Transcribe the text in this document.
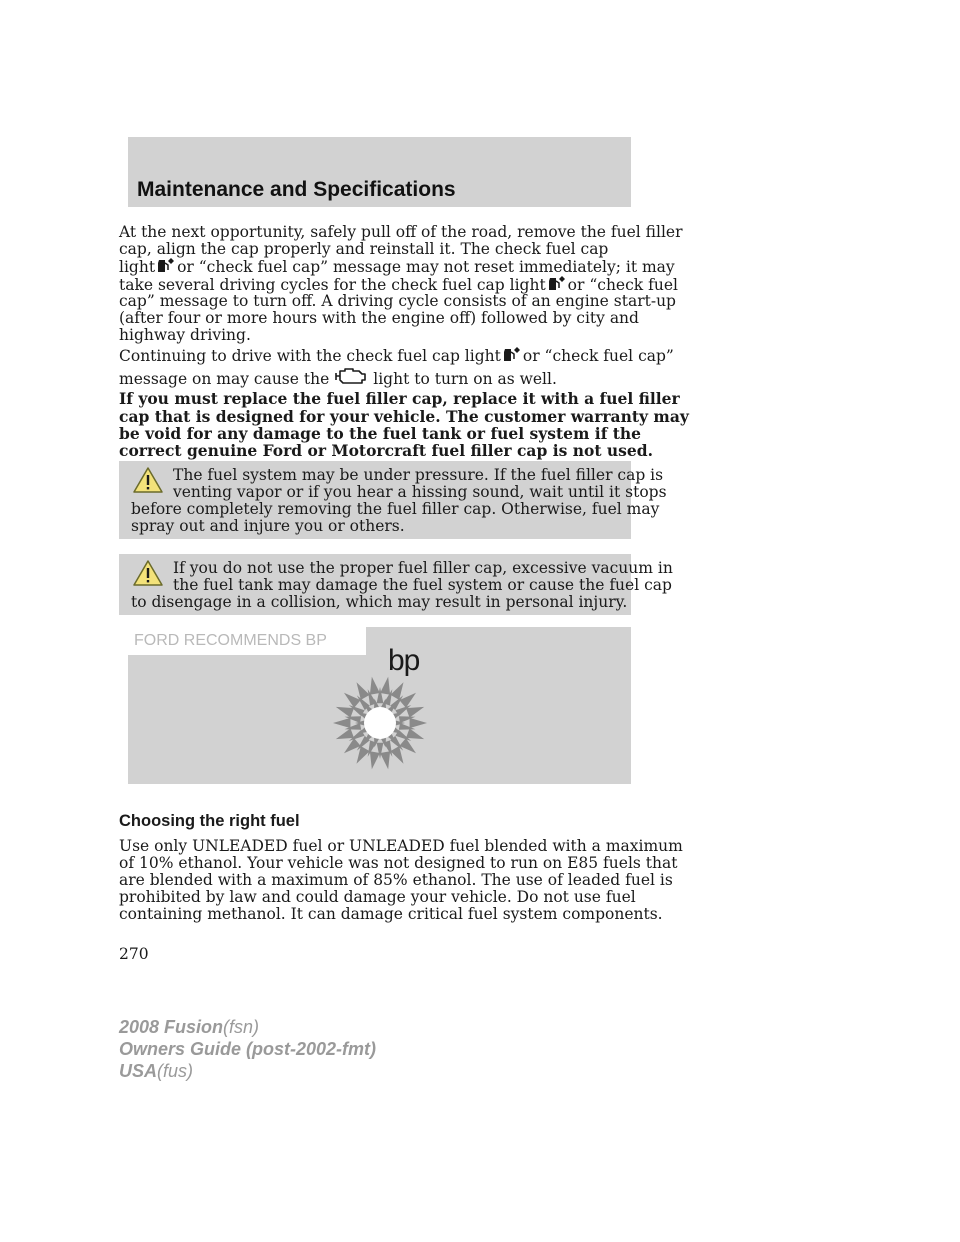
Maintenance and Specifications
At the next opportunity, safely pull off of the road, remove the fuel filler
cap, align the cap properly and reinstall it. The check fuel cap
light or “check fuel cap” message may not reset immediately; it may
take several driving cycles for the check fuel cap light or “check fuel
cap” message to turn off. A driving cycle consists of an engine start-up
(after four or more hours with the engine off) followed by city and
highway driving.
Continuing to drive with the check fuel cap light or “check fuel cap”
message on may cause the	light to turn on as well.
If you must replace the fuel filler cap, replace it with a fuel filler
cap that is designed for your vehicle. The customer warranty may
be void for any damage to the fuel tank or fuel system if the
correct genuine Ford or Motorcraft fuel filler cap is not used.
The fuel system may be under pressure. If the fuel filler cap is
venting vapor or if you hear a hissing sound, wait until it stops
before completely removing the fuel filler cap. Otherwise, fuel may
spray out and injure you or others.
If you do not use the proper fuel filler cap, excessive vacuum in
the fuel tank may damage the fuel system or cause the fuel cap
to disengage in a collision, which may result in personal injury.
FORD RECOMMENDS BP
bp
Choosing the right fuel
Use only UNLEADED fuel or UNLEADED fuel blended with a maximum
of 10% ethanol. Your vehicle was not designed to run on E85 fuels that
are blended with a maximum of 85% ethanol. The use of leaded fuel is
prohibited by law and could damage your vehicle. Do not use fuel
containing methanol. It can damage critical fuel system components.
270
2008 Fusion(fsn)
Owners Guide (post-2002-fmt)
USA(fus)
